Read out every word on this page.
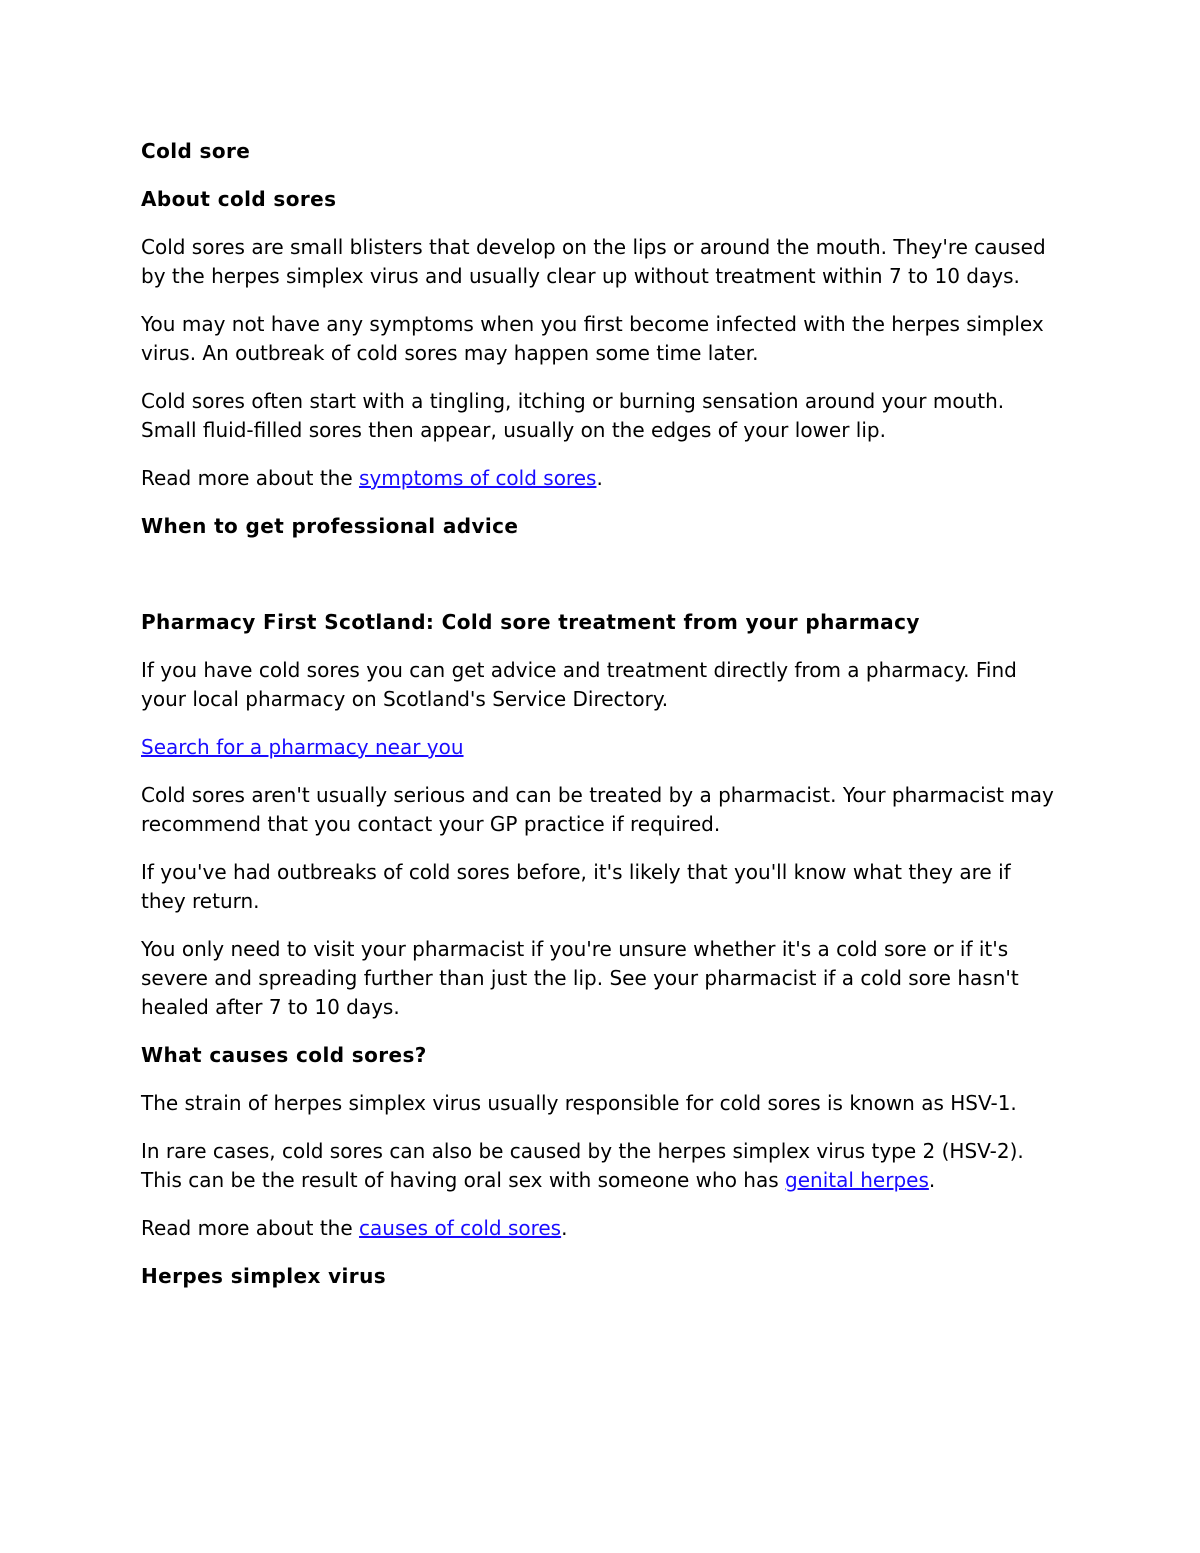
Cold sore
About cold sores

Cold sores are small blisters that develop on the lips or around the mouth. They're caused by the herpes simplex virus and usually clear up without treatment within 7 to 10 days.

You may not have any symptoms when you first become infected with the herpes simplex virus. An outbreak of cold sores may happen some time later.

Cold sores often start with a tingling, itching or burning sensation around your mouth. Small fluid-filled sores then appear, usually on the edges of your lower lip.

Read more about the symptoms of cold sores.

When to get professional advice
Pharmacy First Scotland: Cold sore treatment from your pharmacy

If you have cold sores you can get advice and treatment directly from a pharmacy. Find your local pharmacy on Scotland's Service Directory.

Search for a pharmacy near you

Cold sores aren't usually serious and can be treated by a pharmacist. Your pharmacist may recommend that you contact your GP practice if required.

If you've had outbreaks of cold sores before, it's likely that you'll know what they are if they return.

You only need to visit your pharmacist if you're unsure whether it's a cold sore or if it's severe and spreading further than just the lip. See your pharmacist if a cold sore hasn't healed after 7 to 10 days.

What causes cold sores?

The strain of herpes simplex virus usually responsible for cold sores is known as HSV-1.

In rare cases, cold sores can also be caused by the herpes simplex virus type 2 (HSV-2). This can be the result of having oral sex with someone who has genital herpes.

Read more about the causes of cold sores.

Herpes simplex virus
